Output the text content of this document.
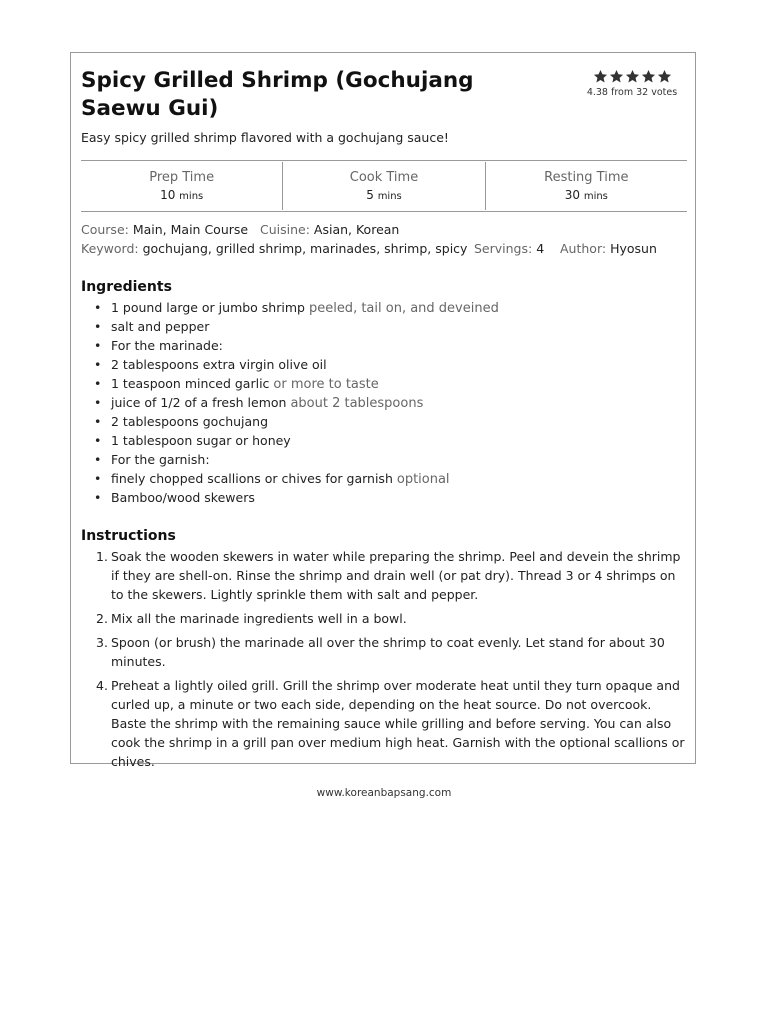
Spicy Grilled Shrimp (Gochujang Saewu Gui)
4.38 from 32 votes

Easy spicy grilled shrimp flavored with a gochujang sauce!

Prep Time
10 mins
Cook Time
5 mins
Resting Time
30 mins
Course: Main, Main Course Cuisine: Asian, Korean
Keyword: gochujang, grilled shrimp, marinades, shrimp, spicy Servings: 4 Author: Hyosun
Ingredients
• 1 pound large or jumbo shrimp peeled, tail on, and deveined
• salt and pepper
• For the marinade:
• 2 tablespoons extra virgin olive oil
• 1 teaspoon minced garlic or more to taste
• juice of 1/2 of a fresh lemon about 2 tablespoons
• 2 tablespoons gochujang
• 1 tablespoon sugar or honey
• For the garnish:
• finely chopped scallions or chives for garnish optional
• Bamboo/wood skewers
Instructions
1. Soak the wooden skewers in water while preparing the shrimp. Peel and devein the shrimp if they are shell-on. Rinse the shrimp and drain well (or pat dry). Thread 3 or 4 shrimps on to the skewers. Lightly sprinkle them with salt and pepper.
2. Mix all the marinade ingredients well in a bowl.
3. Spoon (or brush) the marinade all over the shrimp to coat evenly. Let stand for about 30 minutes.
4. Preheat a lightly oiled grill. Grill the shrimp over moderate heat until they turn opaque and curled up, a minute or two each side, depending on the heat source. Do not overcook. Baste the shrimp with the remaining sauce while grilling and before serving. You can also cook the shrimp in a grill pan over medium high heat. Garnish with the optional scallions or chives.
www.koreanbapsang.com
